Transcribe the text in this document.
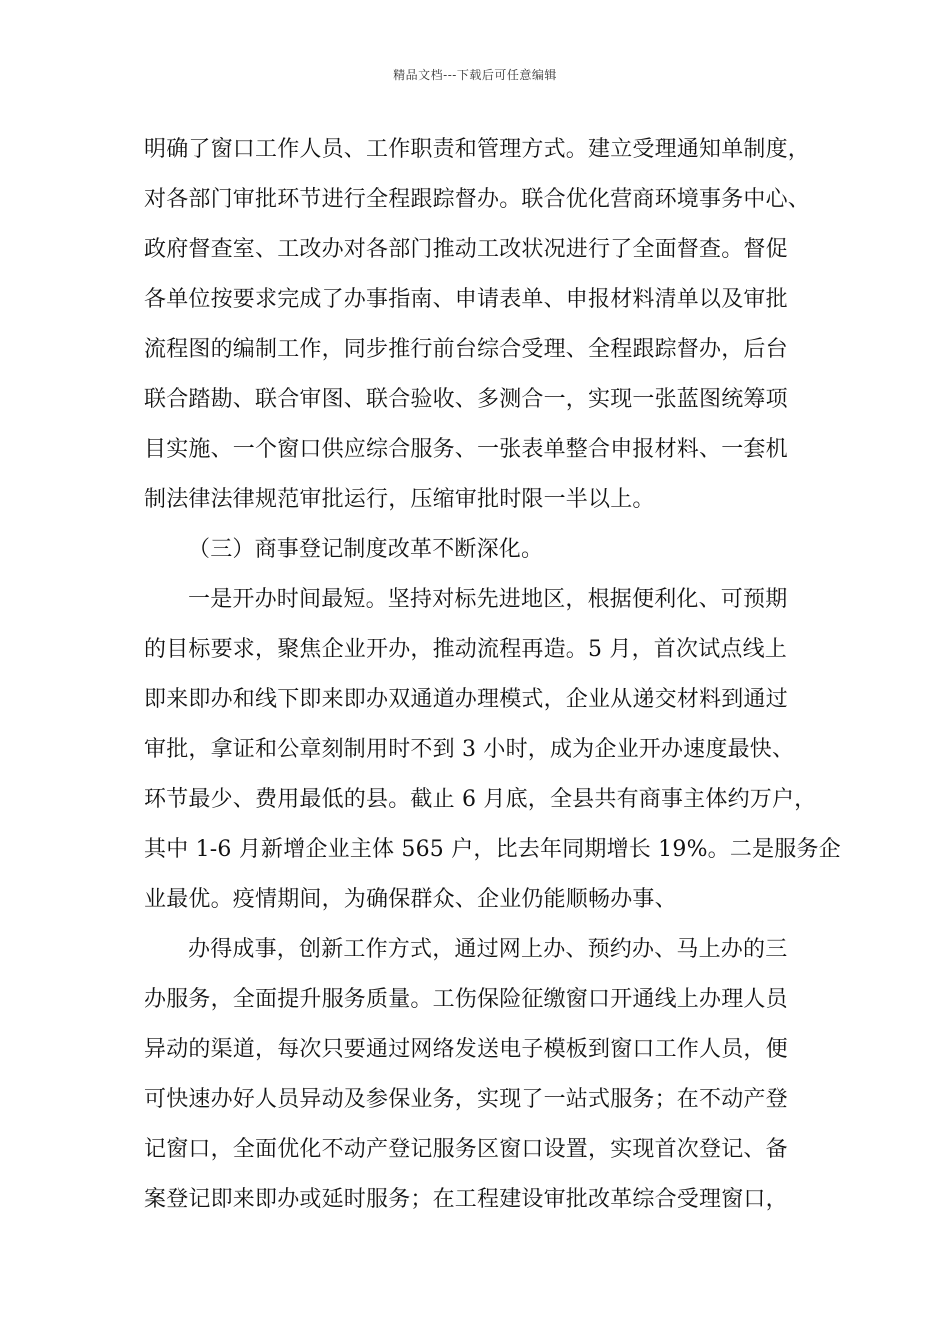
精品文档---下载后可任意编辑
明确了窗口工作人员、工作职责和管理方式。建立受理通知单制度，
对各部门审批环节进行全程跟踪督办。联合优化营商环境事务中心、
政府督查室、工改办对各部门推动工改状况进行了全面督查。督促
各单位按要求完成了办事指南、申请表单、申报材料清单以及审批
流程图的编制工作，同步推行前台综合受理、全程跟踪督办，后台
联合踏勘、联合审图、联合验收、多测合一，实现一张蓝图统筹项
目实施、一个窗口供应综合服务、一张表单整合申报材料、一套机
制法律法律规范审批运行，压缩审批时限一半以上。
（三）商事登记制度改革不断深化。
一是开办时间最短。坚持对标先进地区，根据便利化、可预期
的目标要求，聚焦企业开办，推动流程再造。5 月，首次试点线上
即来即办和线下即来即办双通道办理模式，企业从递交材料到通过
审批，拿证和公章刻制用时不到 3 小时，成为企业开办速度最快、
环节最少、费用最低的县。截止 6 月底，全县共有商事主体约万户，
其中 1-6 月新增企业主体 565 户，比去年同期增长 19%。二是服务企
业最优。疫情期间，为确保群众、企业仍能顺畅办事、
办得成事，创新工作方式，通过网上办、预约办、马上办的三
办服务，全面提升服务质量。工伤保险征缴窗口开通线上办理人员
异动的渠道，每次只要通过网络发送电子模板到窗口工作人员，便
可快速办好人员异动及参保业务，实现了一站式服务；在不动产登
记窗口，全面优化不动产登记服务区窗口设置，实现首次登记、备
案登记即来即办或延时服务；在工程建设审批改革综合受理窗口，
